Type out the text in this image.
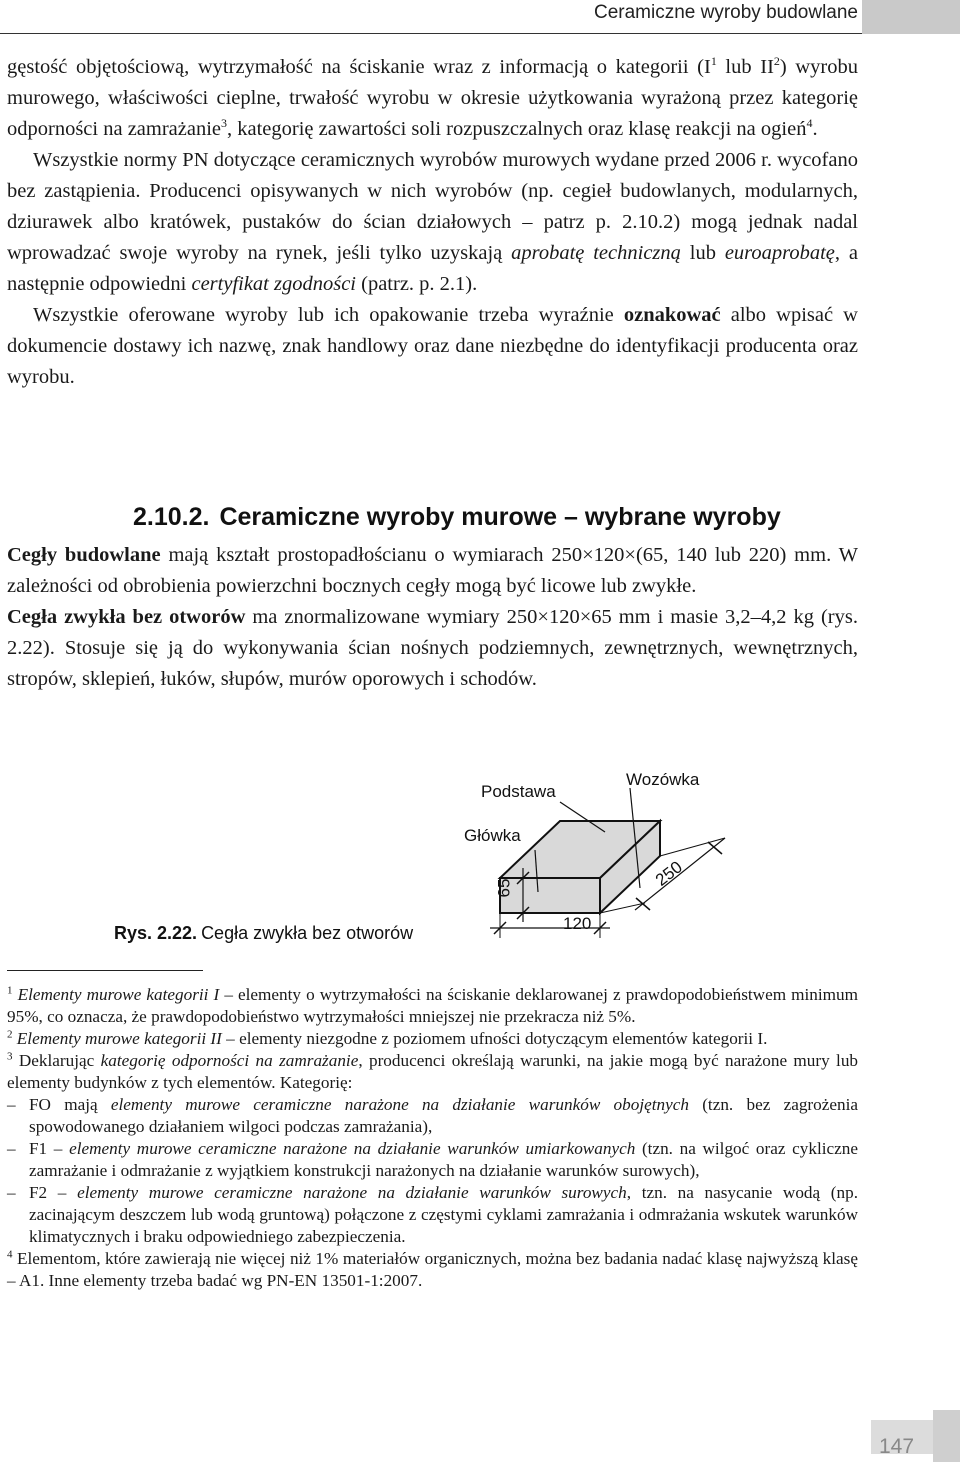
Ceramiczne wyroby budowlane

gęstość objętościową, wytrzymałość na ściskanie wraz z informacją o kategorii ($I^1$ lub $II^2$) wyrobu murowego, właściwości cieplne, trwałość wyrobu w okresie użytkowania wyrażoną przez kategorię odporności na zamrażanie$^3$, kategorię zawartości soli rozpuszczalnych oraz klasę reakcji na ogień$^4$.

Wszystkie normy PN dotyczące ceramicznych wyrobów murowych wydane przed 2006 r. wycofano bez zastąpienia. Producenci opisywanych w nich wyrobów (np. cegieł budowlanych, modularnych, dziurawek albo kratówek, pustaków do ścian działowych – patrz p. 2.10.2) mogą jednak nadal wprowadzać swoje wyroby na rynek, jeśli tylko uzyskają aprobatę techniczną lub euroaprobatę, a następnie odpowiedni certyfikat zgodności (patrz. p. 2.1).

Wszystkie oferowane wyroby lub ich opakowanie trzeba wyraźnie oznakować albo wpisać w dokumencie dostawy ich nazwę, znak handlowy oraz dane niezbędne do identyfikacji producenta oraz wyrobu.

2.10.2. Ceramiczne wyroby murowe – wybrane wyroby

Cegły budowlane mają kształt prostopadłościanu o wymiarach 250×120×(65, 140 lub 220) mm. W zależności od obrobienia powierzchni bocznych cegły mogą być licowe lub zwykłe.

Cegła zwykła bez otworów ma znormalizowane wymiary 250×120×65 mm i masie 3,2–4,2 kg (rys. 2.22). Stosuje się ją do wykonywania ścian nośnych podziemnych, zewnętrznych, wewnętrznych, stropów, sklepień, łuków, słupów, murów oporowych i schodów.

Podstawa
Wozówka
Główka
65
120
250
Rys. 2.22. Cegła zwykła bez otworów

$^1$ Elementy murowe kategorii I – elementy o wytrzymałości na ściskanie deklarowanej z prawdopodobieństwem minimum 95%, co oznacza, że prawdopodobieństwo wytrzymałości mniejszej nie przekracza niż 5%.

$^2$ Elementy murowe kategorii II – elementy niezgodne z poziomem ufności dotyczącym elementów kategorii I.

$^3$ Deklarując kategorię odporności na zamrażanie, producenci określają warunki, na jakie mogą być narażone mury lub elementy budynków z tych elementów. Kategorię:

– FO mają elementy murowe ceramiczne narażone na działanie warunków obojętnych (tzn. bez zagrożenia spowodowanego działaniem wilgoci podczas zamrażania),

– F1 – elementy murowe ceramiczne narażone na działanie warunków umiarkowanych (tzn. na wilgoć oraz cykliczne zamrażanie i odmrażanie z wyjątkiem konstrukcji narażonych na działanie warunków surowych),

– F2 – elementy murowe ceramiczne narażone na działanie warunków surowych, tzn. na nasycanie wodą (np. zacinającym deszczem lub wodą gruntową) połączone z częstymi cyklami zamrażania i odmrażania wskutek warunków klimatycznych i braku odpowiedniego zabezpieczenia.

$^4$ Elementom, które zawierają nie więcej niż 1% materiałów organicznych, można bez badania nadać klasę najwyższą klasę – A1. Inne elementy trzeba badać wg PN-EN 13501-1:2007.

147
